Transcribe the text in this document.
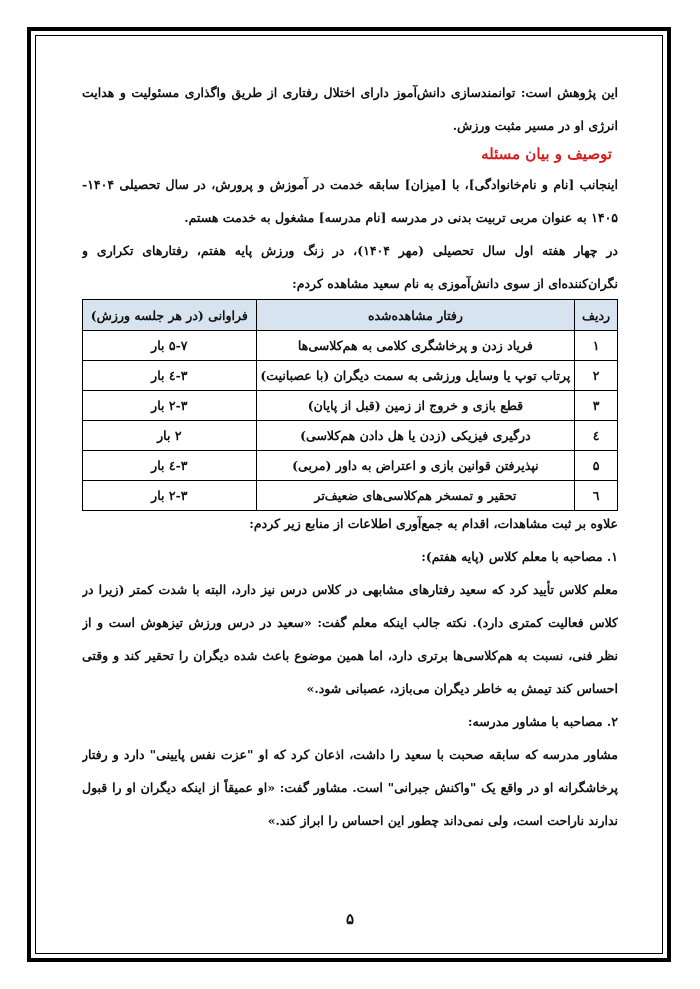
این پژوهش است: توانمندسازی دانش‌آموز دارای اختلال رفتاری از طریق واگذاری مسئولیت و هدایت
انرژی او در مسیر مثبت ورزش.
توصیف و بیان مسئله
اینجانب [نام و نام‌خانوادگی]، با [میزان] سابقه خدمت در آموزش و پرورش، در سال تحصیلی ۱۴۰۴-
۱۴۰۵ به عنوان مربی تربیت بدنی در مدرسه [نام مدرسه] مشغول به خدمت هستم.
در چهار هفته اول سال تحصیلی (مهر ۱۴۰۴)، در زنگ ورزش پایه هفتم، رفتارهای تکراری و
نگران‌کننده‌ای از سوی دانش‌آموزی به نام سعید مشاهده کردم:
ردیف	رفتار مشاهده‌شده	فراوانی (در هر جلسه ورزش)
۱	فریاد زدن و پرخاشگری کلامی به هم‌کلاسی‌ها	۵-۷ بار
۲	پرتاب توپ یا وسایل ورزشی به سمت دیگران (با عصبانیت)	۳-٤ بار
۳	قطع بازی و خروج از زمین (قبل از پایان)	۲-۳ بار
٤	درگیری فیزیکی (زدن یا هل دادن هم‌کلاسی)	۲ بار
۵	نپذیرفتن قوانین بازی و اعتراض به داور (مربی)	۳-٤ بار
٦	تحقیر و تمسخر هم‌کلاسی‌های ضعیف‌تر	۲-۳ بار
علاوه بر ثبت مشاهدات، اقدام به جمع‌آوری اطلاعات از منابع زیر کردم:
۱. مصاحبه با معلم کلاس (پایه هفتم):
معلم کلاس تأیید کرد که سعید رفتارهای مشابهی در کلاس درس نیز دارد، البته با شدت کمتر (زیرا در
کلاس فعالیت کمتری دارد). نکته جالب اینکه معلم گفت: «سعید در درس ورزش تیزهوش است و از
نظر فنی، نسبت به هم‌کلاسی‌ها برتری دارد، اما همین موضوع باعث شده دیگران را تحقیر کند و وقتی
احساس کند تیمش به خاطر دیگران می‌بازد، عصبانی شود.»
۲. مصاحبه با مشاور مدرسه:
مشاور مدرسه که سابقه صحبت با سعید را داشت، اذعان کرد که او "عزت نفس پایینی" دارد و رفتار
پرخاشگرانه او در واقع یک "واکنش جبرانی" است. مشاور گفت: «او عمیقاً از اینکه دیگران او را قبول
ندارند ناراحت است، ولی نمی‌داند چطور این احساس را ابراز کند.»
۵
